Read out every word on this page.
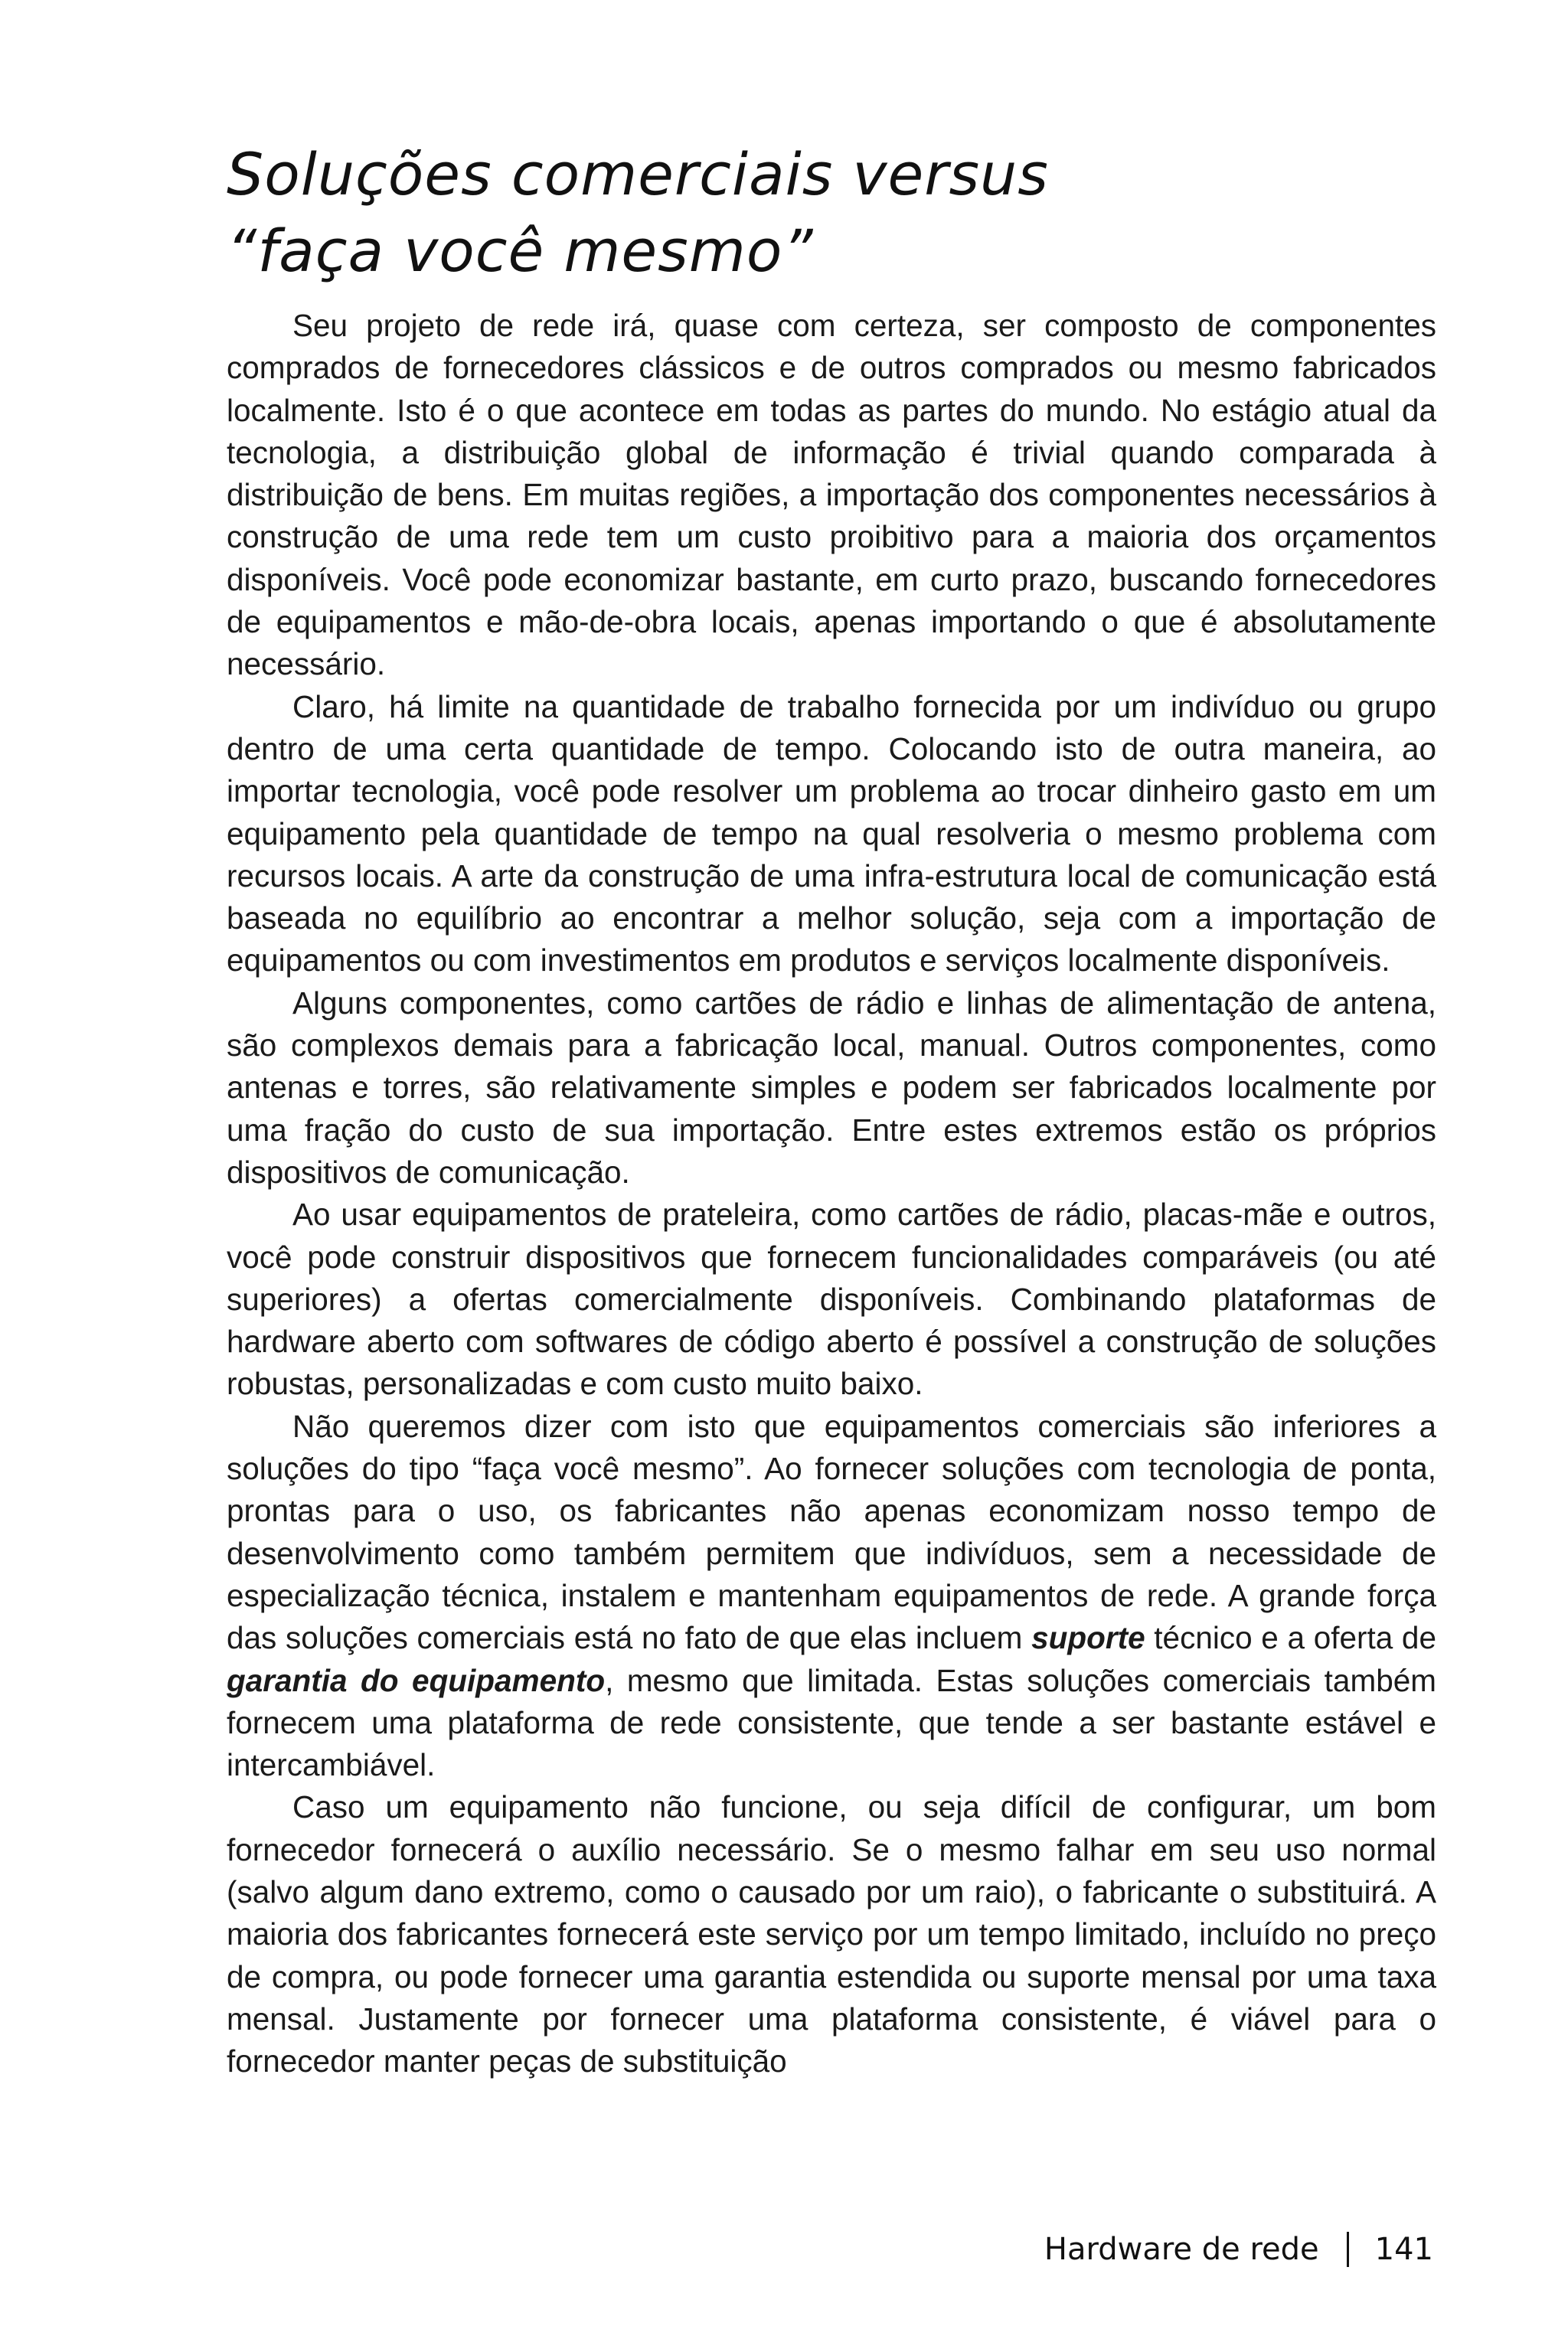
Soluções comerciais versus
“faça você mesmo”

Seu projeto de rede irá, quase com certeza, ser composto de componentes comprados de fornecedores clássicos e de outros comprados ou mesmo fabricados localmente. Isto é o que acontece em todas as partes do mundo. No estágio atual da tecnologia, a distribuição global de informação é trivial quando comparada à distribuição de bens. Em muitas regiões, a importação dos componentes necessários à construção de uma rede tem um custo proibitivo para a maioria dos orçamentos disponíveis. Você pode economizar bastante, em curto prazo, buscando fornecedores de equipamentos e mão-de-obra locais, apenas importando o que é absolutamente necessário.

Claro, há limite na quantidade de trabalho fornecida por um indivíduo ou grupo dentro de uma certa quantidade de tempo. Colocando isto de outra maneira, ao importar tecnologia, você pode resolver um problema ao trocar dinheiro gasto em um equipamento pela quantidade de tempo na qual resolveria o mesmo problema com recursos locais. A arte da construção de uma infra-estrutura local de comunicação está baseada no equilíbrio ao encontrar a melhor solução, seja com a importação de equipamentos ou com investimentos em produtos e serviços localmente disponíveis.

Alguns componentes, como cartões de rádio e linhas de alimentação de antena, são complexos demais para a fabricação local, manual. Outros componentes, como antenas e torres, são relativamente simples e podem ser fabricados localmente por uma fração do custo de sua importação. Entre estes extremos estão os próprios dispositivos de comunicação.

Ao usar equipamentos de prateleira, como cartões de rádio, placas-mãe e outros, você pode construir dispositivos que fornecem funcionalidades comparáveis (ou até superiores) a ofertas comercialmente disponíveis. Combinando plataformas de hardware aberto com softwares de código aberto é possível a construção de soluções robustas, personalizadas e com custo muito baixo.

Não queremos dizer com isto que equipamentos comerciais são inferiores a soluções do tipo “faça você mesmo”. Ao fornecer soluções com tecnologia de ponta, prontas para o uso, os fabricantes não apenas economizam nosso tempo de desenvolvimento como também permitem que indivíduos, sem a necessidade de especialização técnica, instalem e mantenham equipamentos de rede. A grande força das soluções comerciais está no fato de que elas incluem suporte técnico e a oferta de garantia do equipamento, mesmo que limitada. Estas soluções comerciais também fornecem uma plataforma de rede consistente, que tende a ser bastante estável e intercambiável.

Caso um equipamento não funcione, ou seja difícil de configurar, um bom fornecedor fornecerá o auxílio necessário. Se o mesmo falhar em seu uso normal (salvo algum dano extremo, como o causado por um raio), o fabricante o substituirá. A maioria dos fabricantes fornecerá este serviço por um tempo limitado, incluído no preço de compra, ou pode fornecer uma garantia estendida ou suporte mensal por uma taxa mensal. Justamente por fornecer uma plataforma consistente, é viável para o fornecedor manter peças de substituição

Hardware de rede 141
